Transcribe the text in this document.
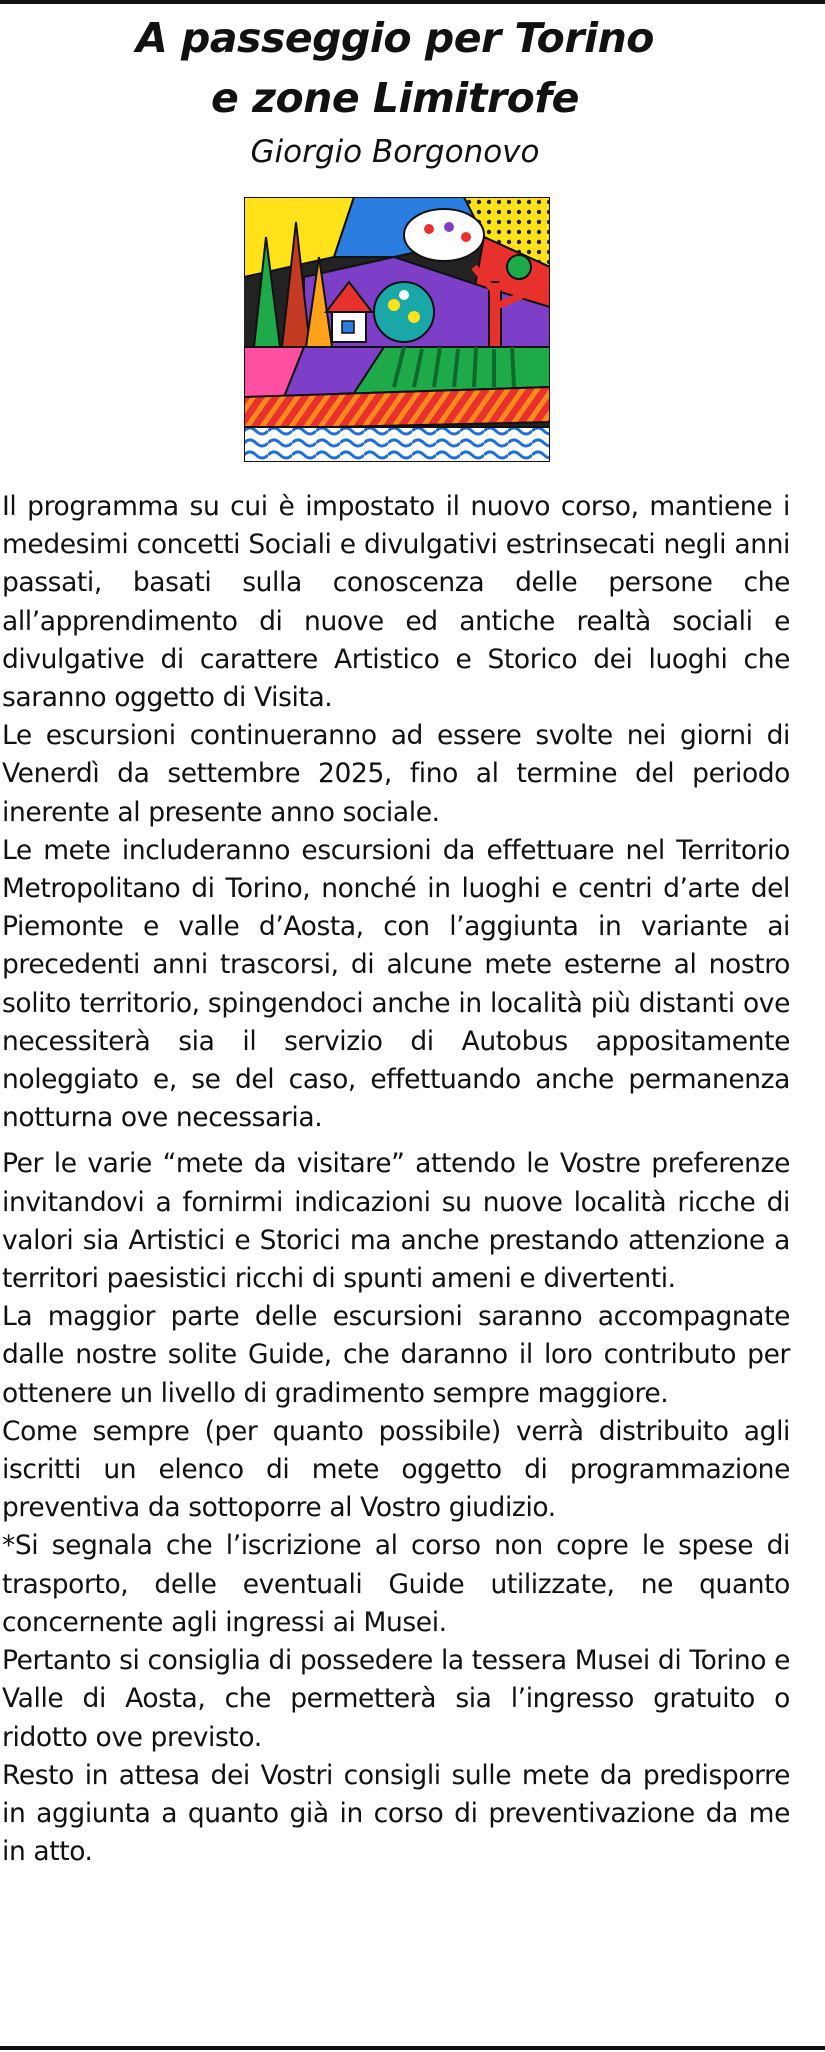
A passeggio per Torino
e zone Limitrofe
Giorgio Borgonovo

Il programma su cui è impostato il nuovo corso, mantiene i medesimi concetti Sociali e divulgativi estrinsecati negli anni passati, basati sulla conoscenza delle persone che all’apprendimento di nuove ed antiche realtà sociali e divulgative di carattere Artistico e Storico dei luoghi che saranno oggetto di Visita.

Le escursioni continueranno ad essere svolte nei giorni di Venerdì da settembre 2025, fino al termine del periodo inerente al presente anno sociale.

Le mete includeranno escursioni da effettuare nel Territorio Metropolitano di Torino, nonché in luoghi e centri d’arte del Piemonte e valle d’Aosta, con l’aggiunta in variante ai precedenti anni trascorsi, di alcune mete esterne al nostro solito territorio, spingendoci anche in località più distanti ove necessiterà sia il servizio di Autobus appositamente noleggiato e, se del caso, effettuando anche permanenza notturna ove necessaria.

Per le varie “mete da visitare” attendo le Vostre preferenze invitandovi a fornirmi indicazioni su nuove località ricche di valori sia Artistici e Storici ma anche prestando attenzione a territori paesistici ricchi di spunti ameni e divertenti.

La maggior parte delle escursioni saranno accompagnate dalle nostre solite Guide, che daranno il loro contributo per ottenere un livello di gradimento sempre maggiore.

Come sempre (per quanto possibile) verrà distribuito agli iscritti un elenco di mete oggetto di programmazione preventiva da sottoporre al Vostro giudizio.

*Si segnala che l’iscrizione al corso non copre le spese di trasporto, delle eventuali Guide utilizzate, ne quanto concernente agli ingressi ai Musei.

Pertanto si consiglia di possedere la tessera Musei di Torino e Valle di Aosta, che permetterà sia l’ingresso gratuito o ridotto ove previsto.

Resto in attesa dei Vostri consigli sulle mete da predisporre in aggiunta a quanto già in corso di preventivazione da me in atto.
